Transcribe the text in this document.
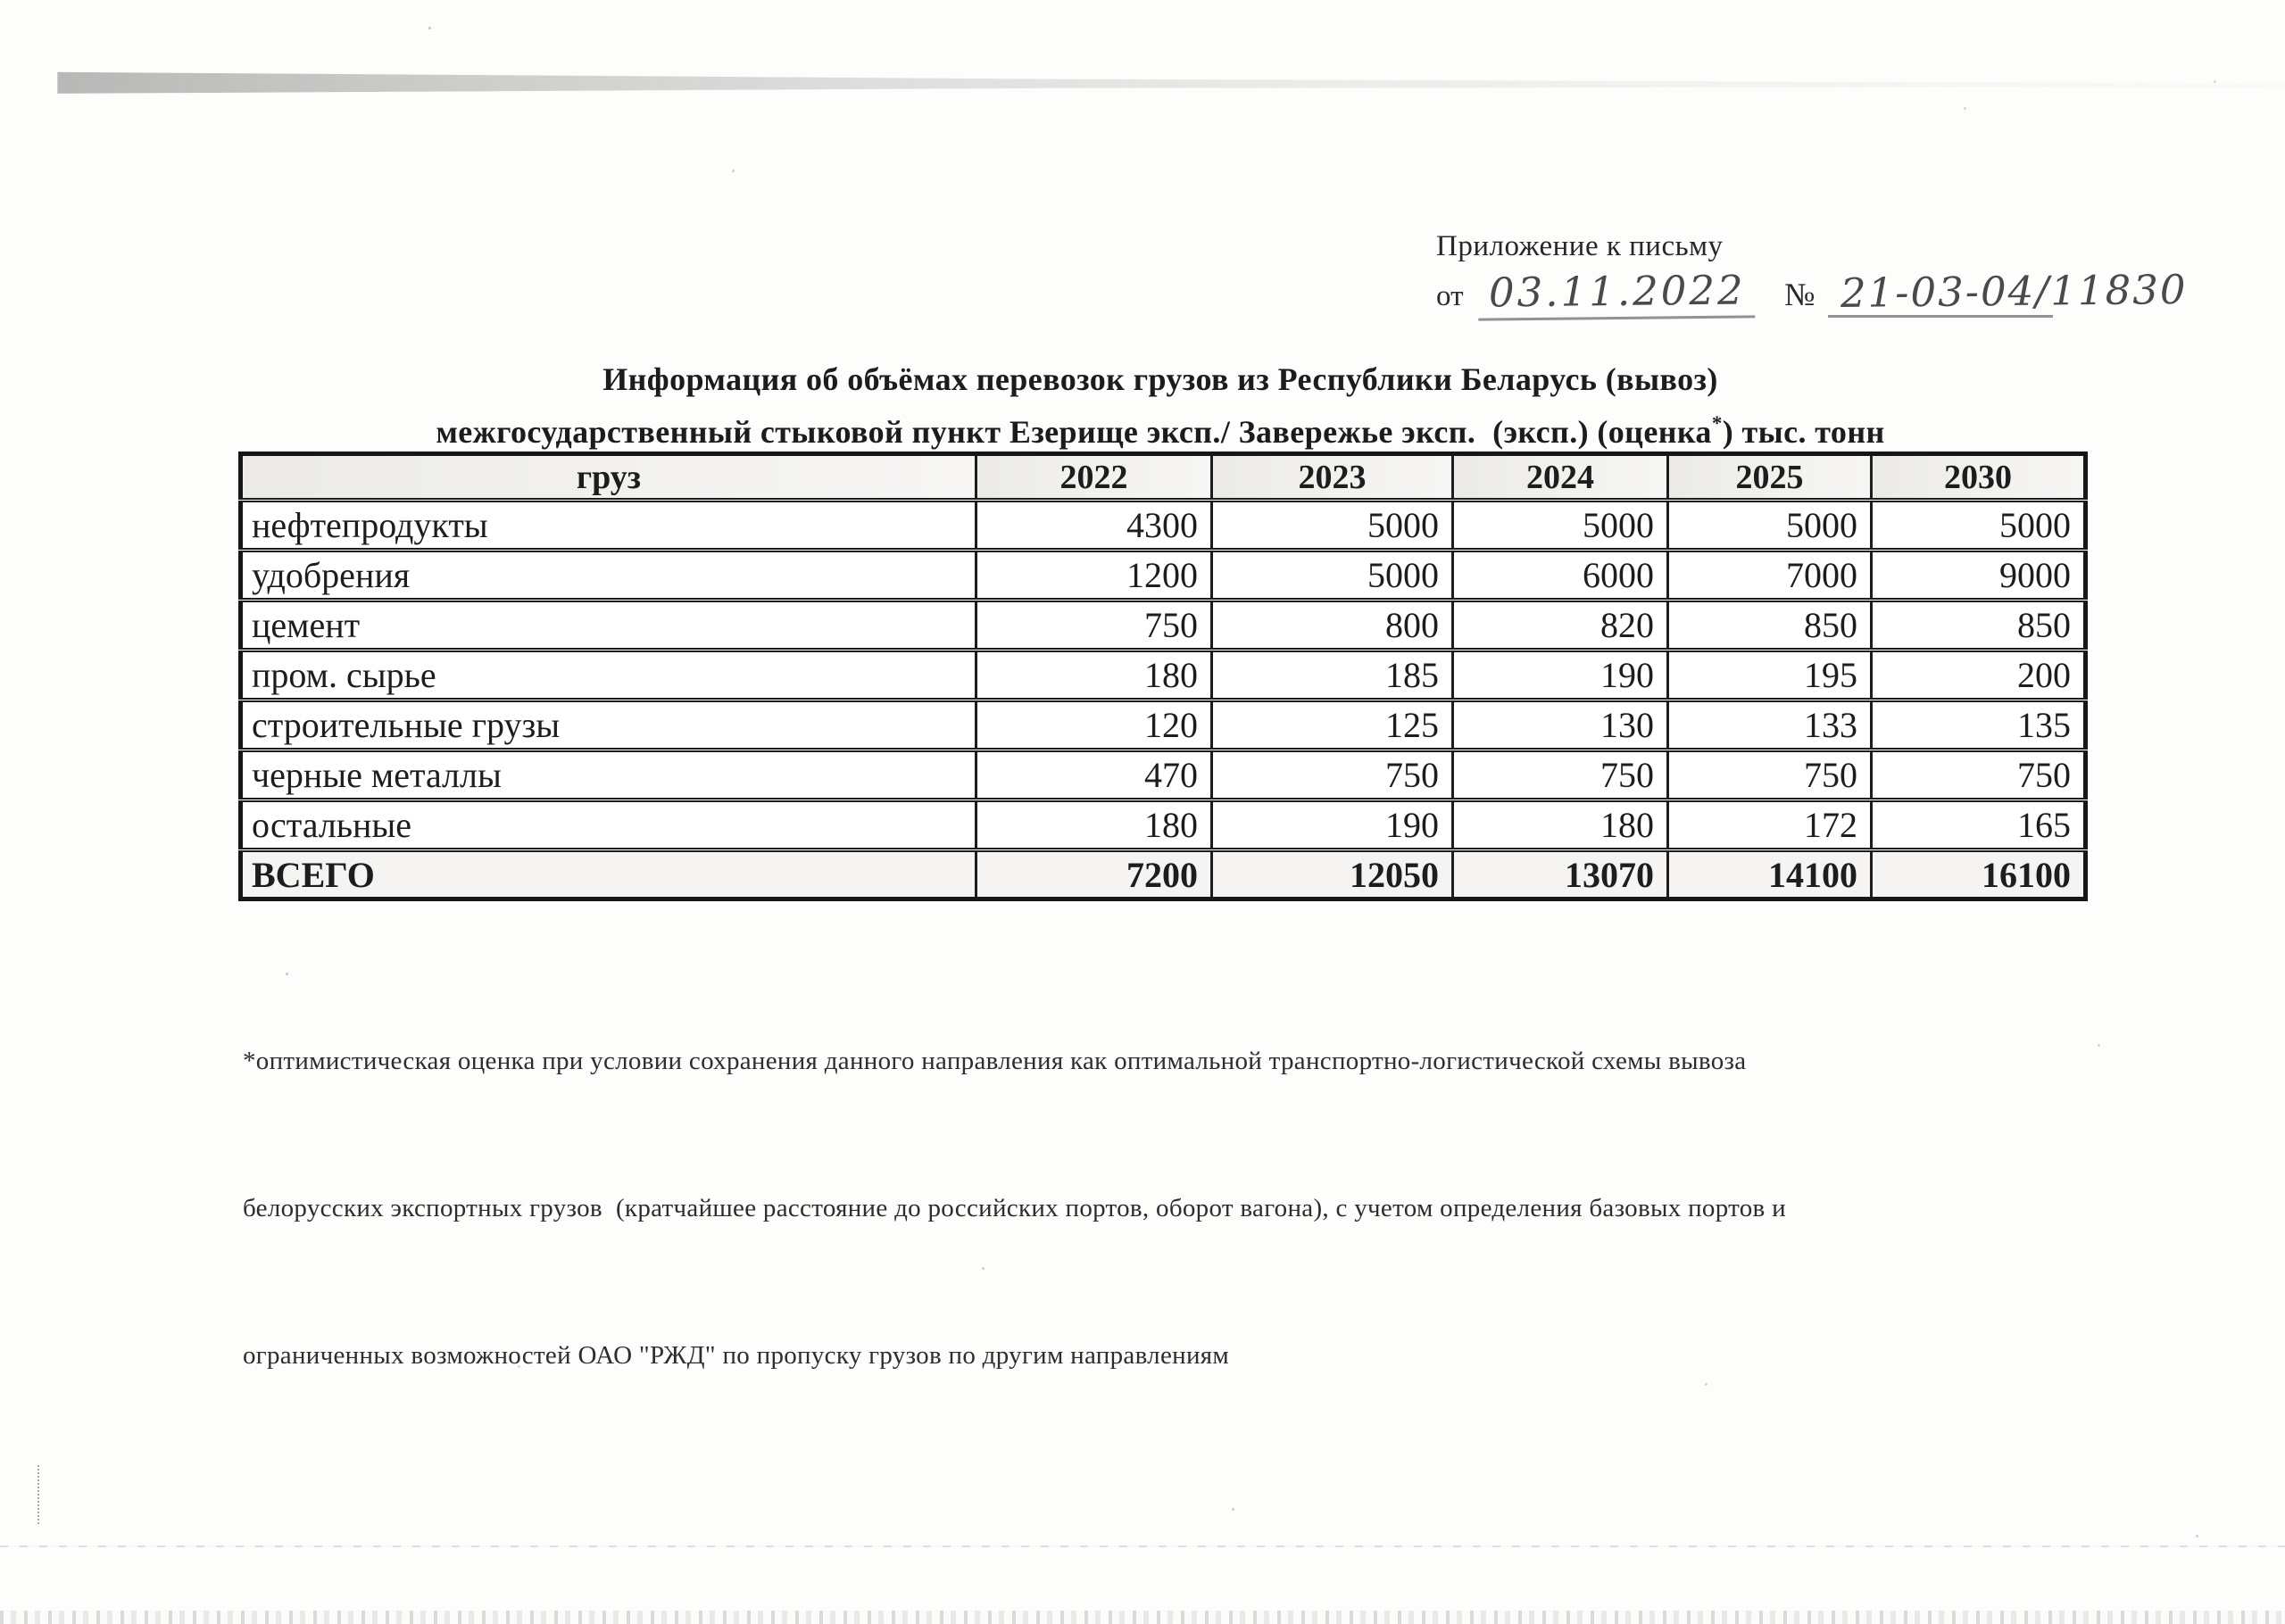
Приложение к письму
от 03.11.2022 № 21-03-04/11830
Информация об объёмах перевозок грузов из Республики Беларусь (вывоз)
межгосударственный стыковой пункт Езерище эксп./ Завережье эксп.  (эксп.) (оценка*) тыс. тонн
груз	2022	2023	2024	2025	2030
нефтепродукты	4300	5000	5000	5000	5000
удобрения	1200	5000	6000	7000	9000
цемент	750	800	820	850	850
пром. сырье	180	185	190	195	200
строительные грузы	120	125	130	133	135
черные металлы	470	750	750	750	750
остальные	180	190	180	172	165
ВСЕГО	7200	12050	13070	14100	16100

*оптимистическая оценка при условии сохранения данного направления как оптимальной транспортно-логистической схемы вывоза

белорусских экспортных грузов  (кратчайшее расстояние до российских портов, оборот вагона), с учетом определения базовых портов и

ограниченных возможностей ОАО "РЖД" по пропуску грузов по другим направлениям
